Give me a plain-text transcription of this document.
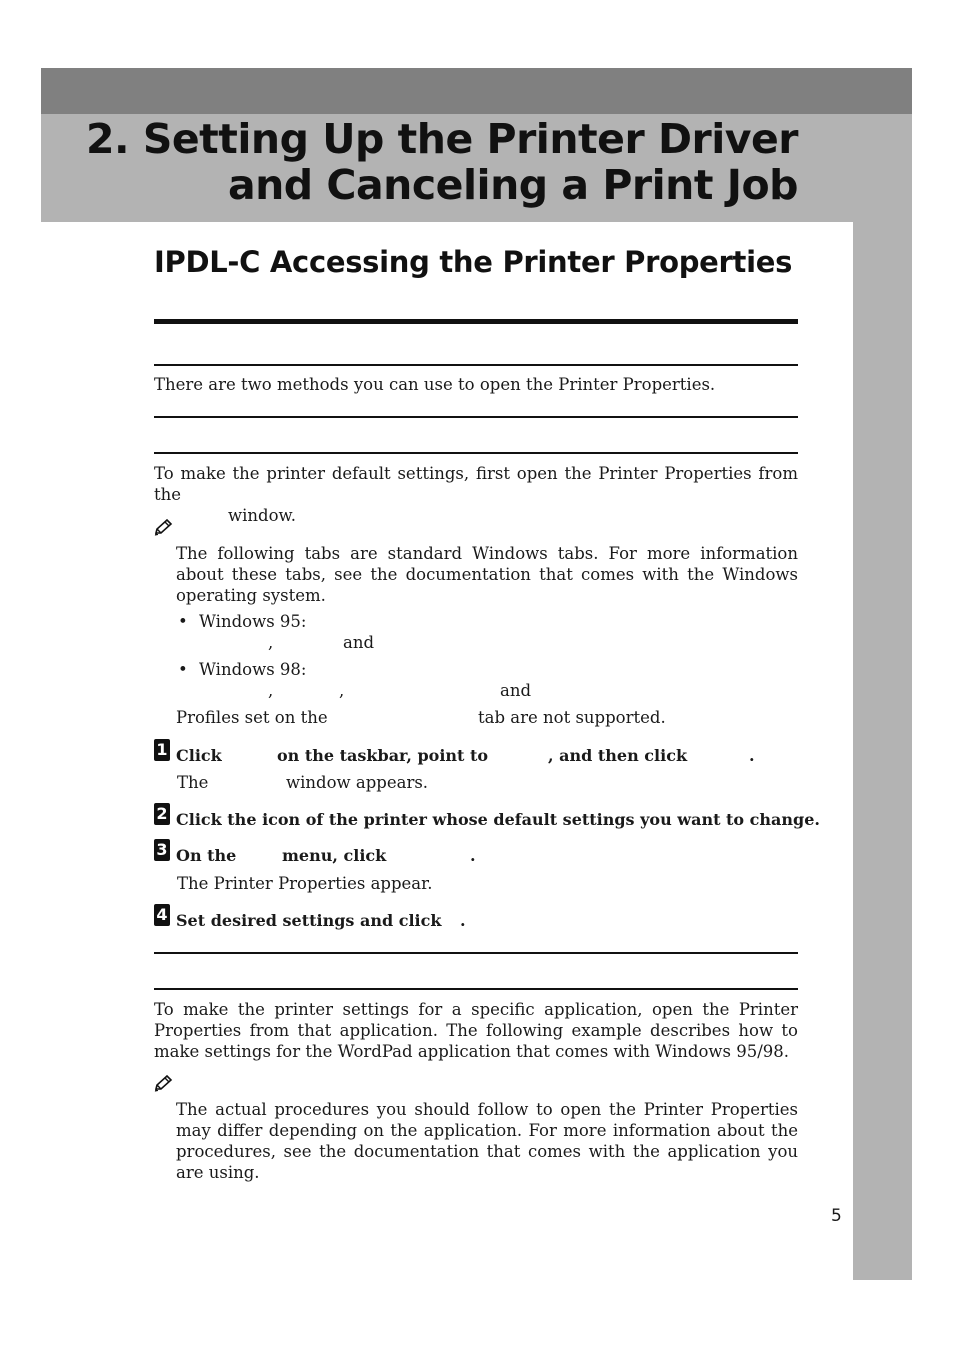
2. Setting Up the Printer Driver
and Canceling a Print Job
IPDL-C Accessing the Printer Properties
There are two methods you can use to open the Printer Properties.
To make the printer default settings, first open the Printer Properties from the
window.
The following tabs are standard Windows tabs. For more information about these tabs, see the documentation that comes with the Windows operating system.
• Windows 95:
,	and
• Windows 98:
,	,	and
Profiles set on the	tab are not supported.
1 Click	on the taskbar, point to	, and then click	.
The	window appears.
2 Click the icon of the printer whose default settings you want to change.
3 On the	menu, click	.
The Printer Properties appear.
4 Set desired settings and click .
To make the printer settings for a specific application, open the Printer Properties from that application. The following example describes how to make settings for the WordPad application that comes with Windows 95/98.
The actual procedures you should follow to open the Printer Properties may differ depending on the application. For more information about the procedures, see the documentation that comes with the application you are using.
5
